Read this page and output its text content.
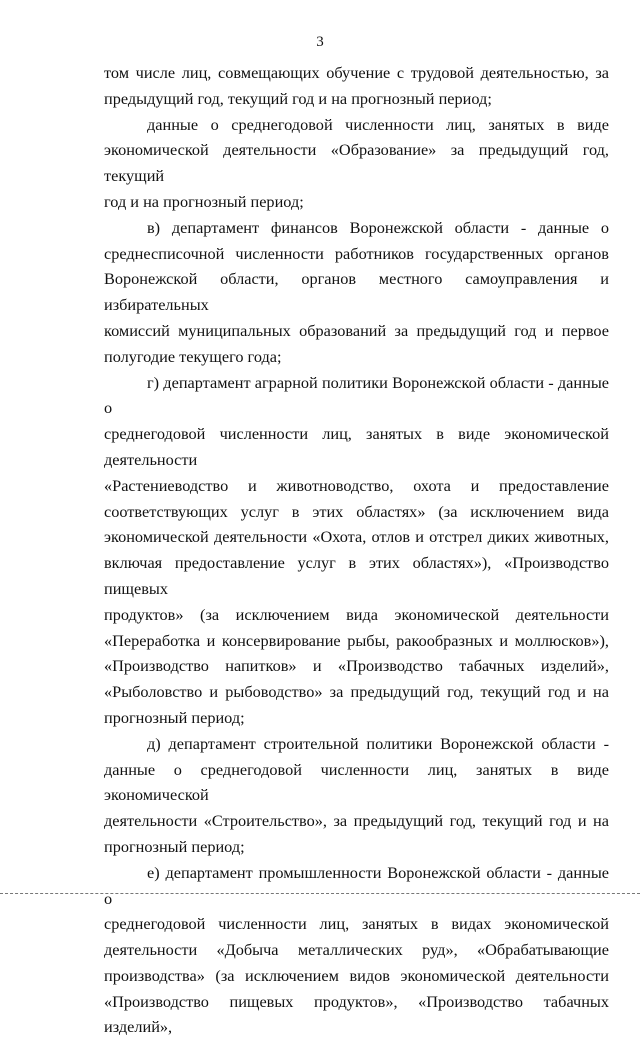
3

том числе лиц, совмещающих обучение с трудовой деятельностью, за
предыдущий год, текущий год и на прогнозный период;

данные о среднегодовой численности лиц, занятых в виде
экономической деятельности «Образование» за предыдущий год, текущий
год и на прогнозный период;

в) департамент финансов Воронежской области - данные о
среднесписочной численности работников государственных органов
Воронежской области, органов местного самоуправления и избирательных
комиссий муниципальных образований за предыдущий год и первое
полугодие текущего года;

г) департамент аграрной политики Воронежской области - данные о
среднегодовой численности лиц, занятых в виде экономической деятельности
«Растениеводство и животноводство, охота и предоставление
соответствующих услуг в этих областях» (за исключением вида
экономической деятельности «Охота, отлов и отстрел диких животных,
включая предоставление услуг в этих областях»), «Производство пищевых
продуктов» (за исключением вида экономической деятельности
«Переработка и консервирование рыбы, ракообразных и моллюсков»),
«Производство напитков» и «Производство табачных изделий»,
«Рыболовство и рыбоводство» за предыдущий год, текущий год и на
прогнозный период;

д) департамент строительной политики Воронежской области -
данные о среднегодовой численности лиц, занятых в виде экономической
деятельности «Строительство», за предыдущий год, текущий год и на
прогнозный период;

е) департамент промышленности Воронежской области - данные о
среднегодовой численности лиц, занятых в видах экономической
деятельности «Добыча металлических руд», «Обрабатывающие
производства» (за исключением видов экономической деятельности
«Производство пищевых продуктов», «Производство табачных изделий»,
